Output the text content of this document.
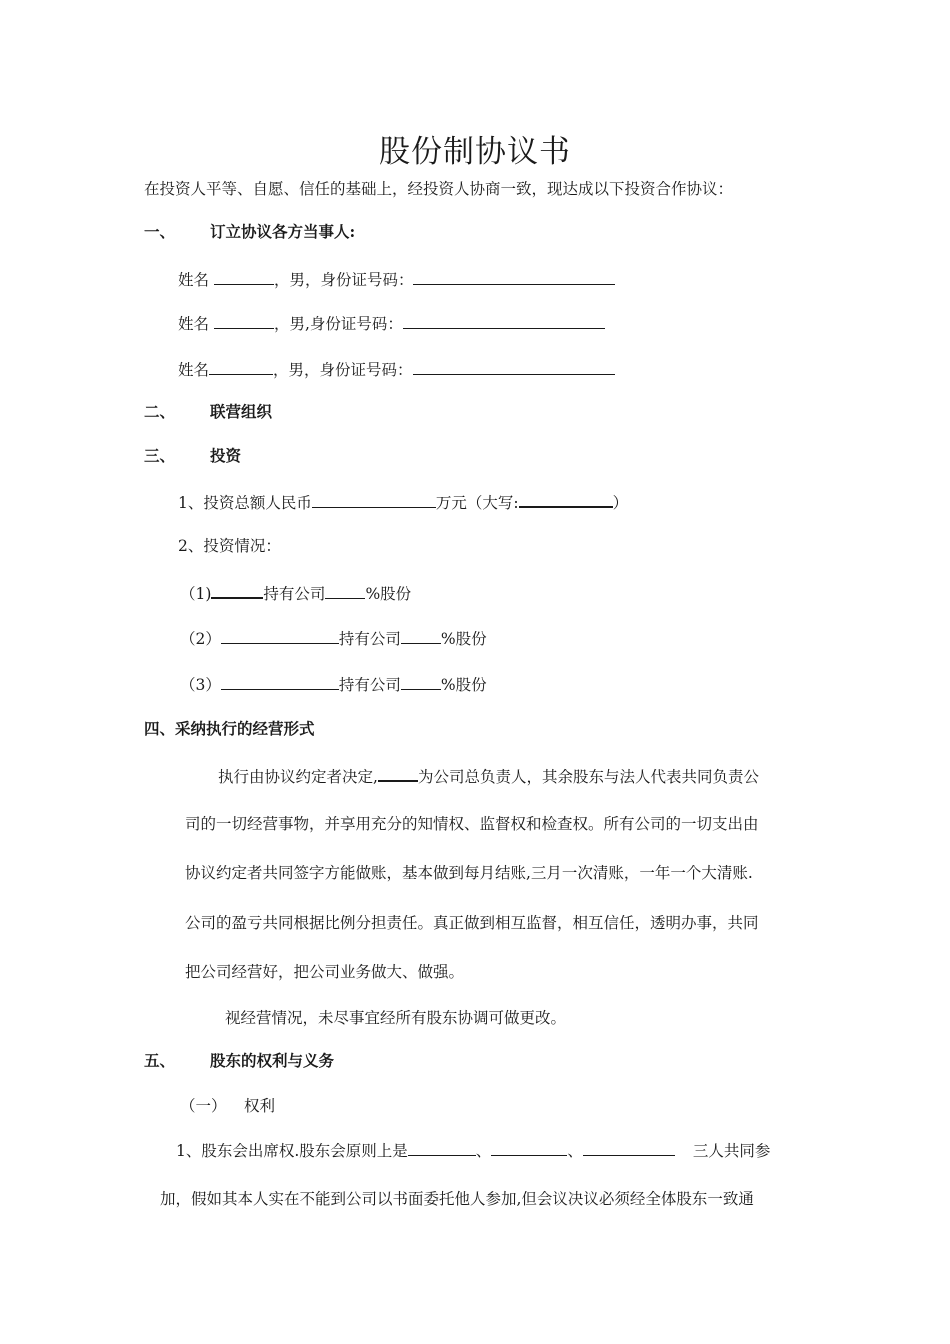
股份制协议书
在投资人平等、自愿、信任的基础上，经投资人协商一致，现达成以下投资合作协议：
一、 订立协议各方当事人:
姓名	，男，身份证号码：
姓名	，男,身份证号码：
姓名	，男，身份证号码：
二、 联营组织
三、 投资
1、投资总额人民币	万元（大写:	）
2、投资情况：
（1)	持有公司	%股份
（2）	持有公司	%股份
（3）	持有公司	%股份
四、采纳执行的经营形式
执行由协议约定者决定,	为公司总负责人，其余股东与法人代表共同负责公
司的一切经营事物，并享用充分的知情权、监督权和检查权。所有公司的一切支出由
协议约定者共同签字方能做账，基本做到每月结账,三月一次清账，一年一个大清账.
公司的盈亏共同根据比例分担责任。真正做到相互监督，相互信任，透明办事，共同
把公司经营好，把公司业务做大、做强。
视经营情况，未尽事宜经所有股东协调可做更改。
五、 股东的权利与义务
（一） 权利
1、股东会出席权.股东会原则上是	、	、	三人共同参
加，假如其本人实在不能到公司以书面委托他人参加,但会议决议必须经全体股东一致通
